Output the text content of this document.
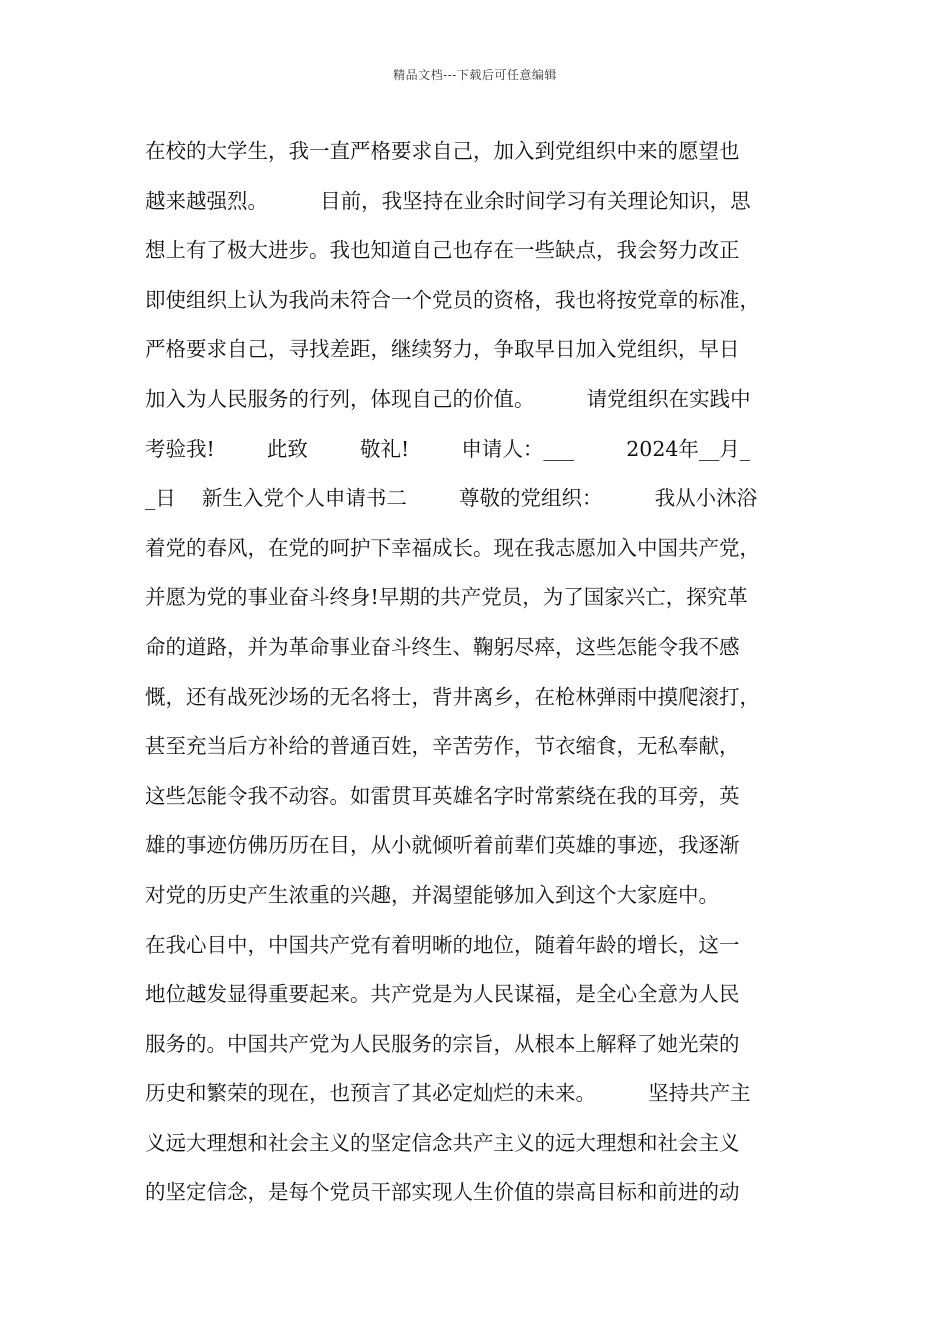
精品文档---下载后可任意编辑
在校的大学生，我一直严格要求自己，加入到党组织中来的愿望也
越来越强烈。        目前，我坚持在业余时间学习有关理论知识，思
想上有了极大进步。我也知道自己也存在一些缺点，我会努力改正
即使组织上认为我尚未符合一个党员的资格，我也将按党章的标准，
严格要求自己，寻找差距，继续努力，争取早日加入党组织，早日
加入为人民服务的行列，体现自己的价值。        请党组织在实践中
考验我!        此致        敬礼!        申请人：___        2024年__月_
_日    新生入党个人申请书二        尊敬的党组织：        我从小沐浴
着党的春风，在党的呵护下幸福成长。现在我志愿加入中国共产党，
并愿为党的事业奋斗终身!早期的共产党员，为了国家兴亡，探究革
命的道路，并为革命事业奋斗终生、鞠躬尽瘁，这些怎能令我不感
慨，还有战死沙场的无名将士，背井离乡，在枪林弹雨中摸爬滚打，
甚至充当后方补给的普通百姓，辛苦劳作，节衣缩食，无私奉献，
这些怎能令我不动容。如雷贯耳英雄名字时常萦绕在我的耳旁，英
雄的事迹仿佛历历在目，从小就倾听着前辈们英雄的事迹，我逐渐
对党的历史产生浓重的兴趣，并渴望能够加入到这个大家庭中。
在我心目中，中国共产党有着明晰的地位，随着年龄的增长，这一
地位越发显得重要起来。共产党是为人民谋福，是全心全意为人民
服务的。中国共产党为人民服务的宗旨，从根本上解释了她光荣的
历史和繁荣的现在，也预言了其必定灿烂的未来。        坚持共产主
义远大理想和社会主义的坚定信念共产主义的远大理想和社会主义
的坚定信念，是每个党员干部实现人生价值的崇高目标和前进的动
